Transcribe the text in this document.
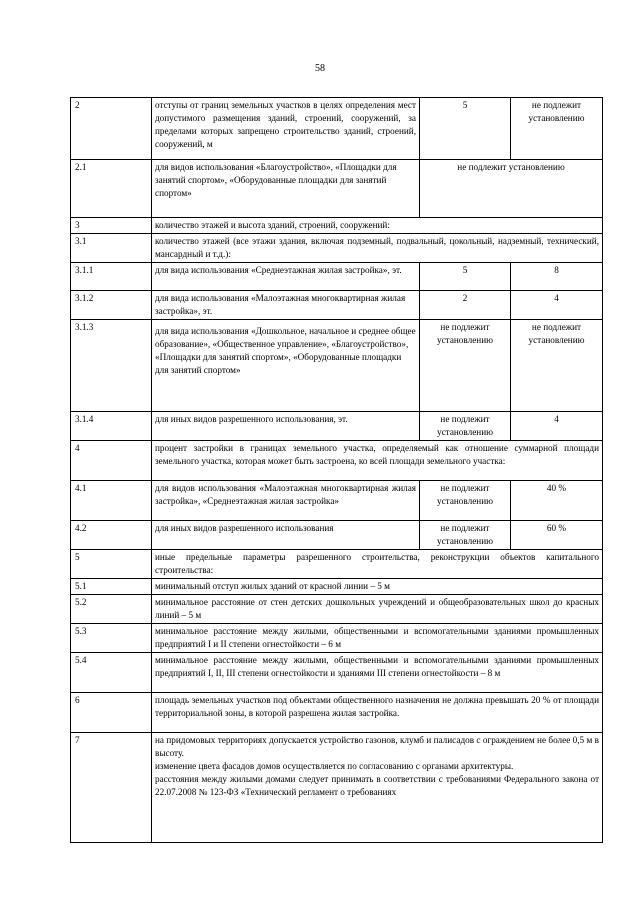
58
2	отступы от границ земельных участков в целях определения мест допустимого размещения зданий, строений, сооружений, за пределами которых запрещено строительство зданий, строений, сооружений, м	5	не подлежит установлению
2.1	для видов использования «Благоустройство», «Площадки для занятий спортом», «Оборудованные площадки для занятий спортом»	не подлежит установлению	
3	количество этажей и высота зданий, строений, сооружений:		
3.1	количество этажей (все этажи здания, включая подземный, подвальный, цокольный, надземный, технический, мансардный и т.д.):		
3.1.1	для вида использования «Среднеэтажная жилая застройка», эт.	5	8
3.1.2	для вида использования «Малоэтажная многоквартирная жилая застройка», эт.	2	4
3.1.3	для вида использования «Дошкольное, начальное и среднее общее образование», «Общественное управление», «Благоустройство», «Площадки для занятий спортом», «Оборудованные площадки для занятий спортом»	не подлежит установлению	не подлежит установлению
3.1.4	для иных видов разрешенного использования, эт.	не подлежит установлению	4
4	процент застройки в границах земельного участка, определяемый как отношение суммарной площади земельного участка, которая может быть застроена, ко всей площади земельного участка:		
4.1	для видов использования «Малоэтажная многоквартирная жилая застройка», «Среднеэтажная жилая застройка»	не подлежит установлению	40 %
4.2	для иных видов разрешенного использования	не подлежит установлению	60 %
5	иные предельные параметры разрешенного строительства, реконструкции объектов капитального строительства:		
5.1	минимальный отступ жилых зданий от красной линии – 5 м		
5.2	минимальное расстояние от стен детских дошкольных учреждений и общеобразовательных школ до красных линий – 5 м		
5.3	минимальное расстояние между жилыми, общественными и вспомогательными зданиями промышленных предприятий I и II степени огнестойкости – 6 м		
5.4	минимальное расстояние между жилыми, общественными и вспомогательными зданиями промышленных предприятий I, II, III степени огнестойкости и зданиями III степени огнестойкости – 8 м		
6	площадь земельных участков под объектами общественного назначения не должна превышать 20 % от площади территориальной зоны, в которой разрешена жилая застройка.		
7	на придомовых территориях допускается устройство газонов, клумб и палисадов с ограждением не более 0,5 м в высоту.
изменение цвета фасадов домов осуществляется по согласованию с органами архитектуры.
расстояния между жилыми домами следует принимать в соответствии с требованиями Федерального закона от 22.07.2008 № 123-ФЗ «Технический регламент о требованиях		
